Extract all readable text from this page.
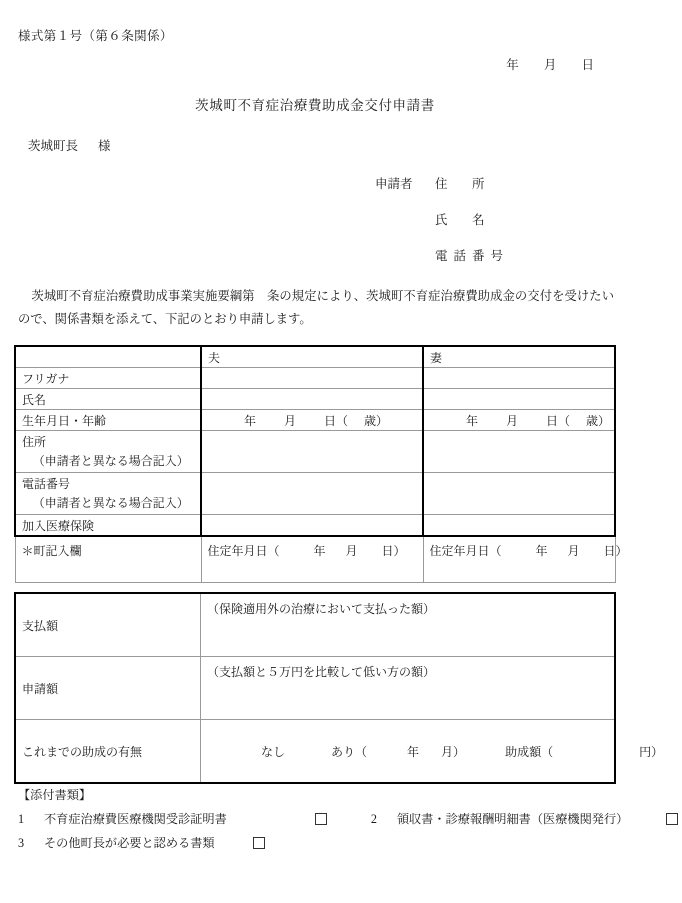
様式第１号（第６条関係）
年 月 日
茨城町不育症治療費助成金交付申請書
茨城町長 様
申請者	住　所
氏　名
電話番号
茨城町不育症治療費助成事業実施要綱第　条の規定により、茨城町不育症治療費助成金の交付を受けたいので、関係書類を添えて、下記のとおり申請します。
	夫	妻
フリガナ		
氏名		
生年月日・年齢	年 月 日（ 歳）	年 月 日（ 歳）
住所
（申請者と異なる場合記入）		

電話番号
（申請者と異なる場合記入）		

加入医療保険		
＊町記入欄	住定年月日（ 年 月 日）	住定年月日（ 年 月 日）
支払額	（保険適用外の治療において支払った額）
申請額	（支払額と５万円を比較して低い方の額）
これまでの助成の有無	なし あり（ 年 月） 助成額（ 円）
【添付書類】
1 不育症治療費医療機関受診証明書	2 領収書・診療報酬明細書（医療機関発行）
3 その他町長が必要と認める書類
